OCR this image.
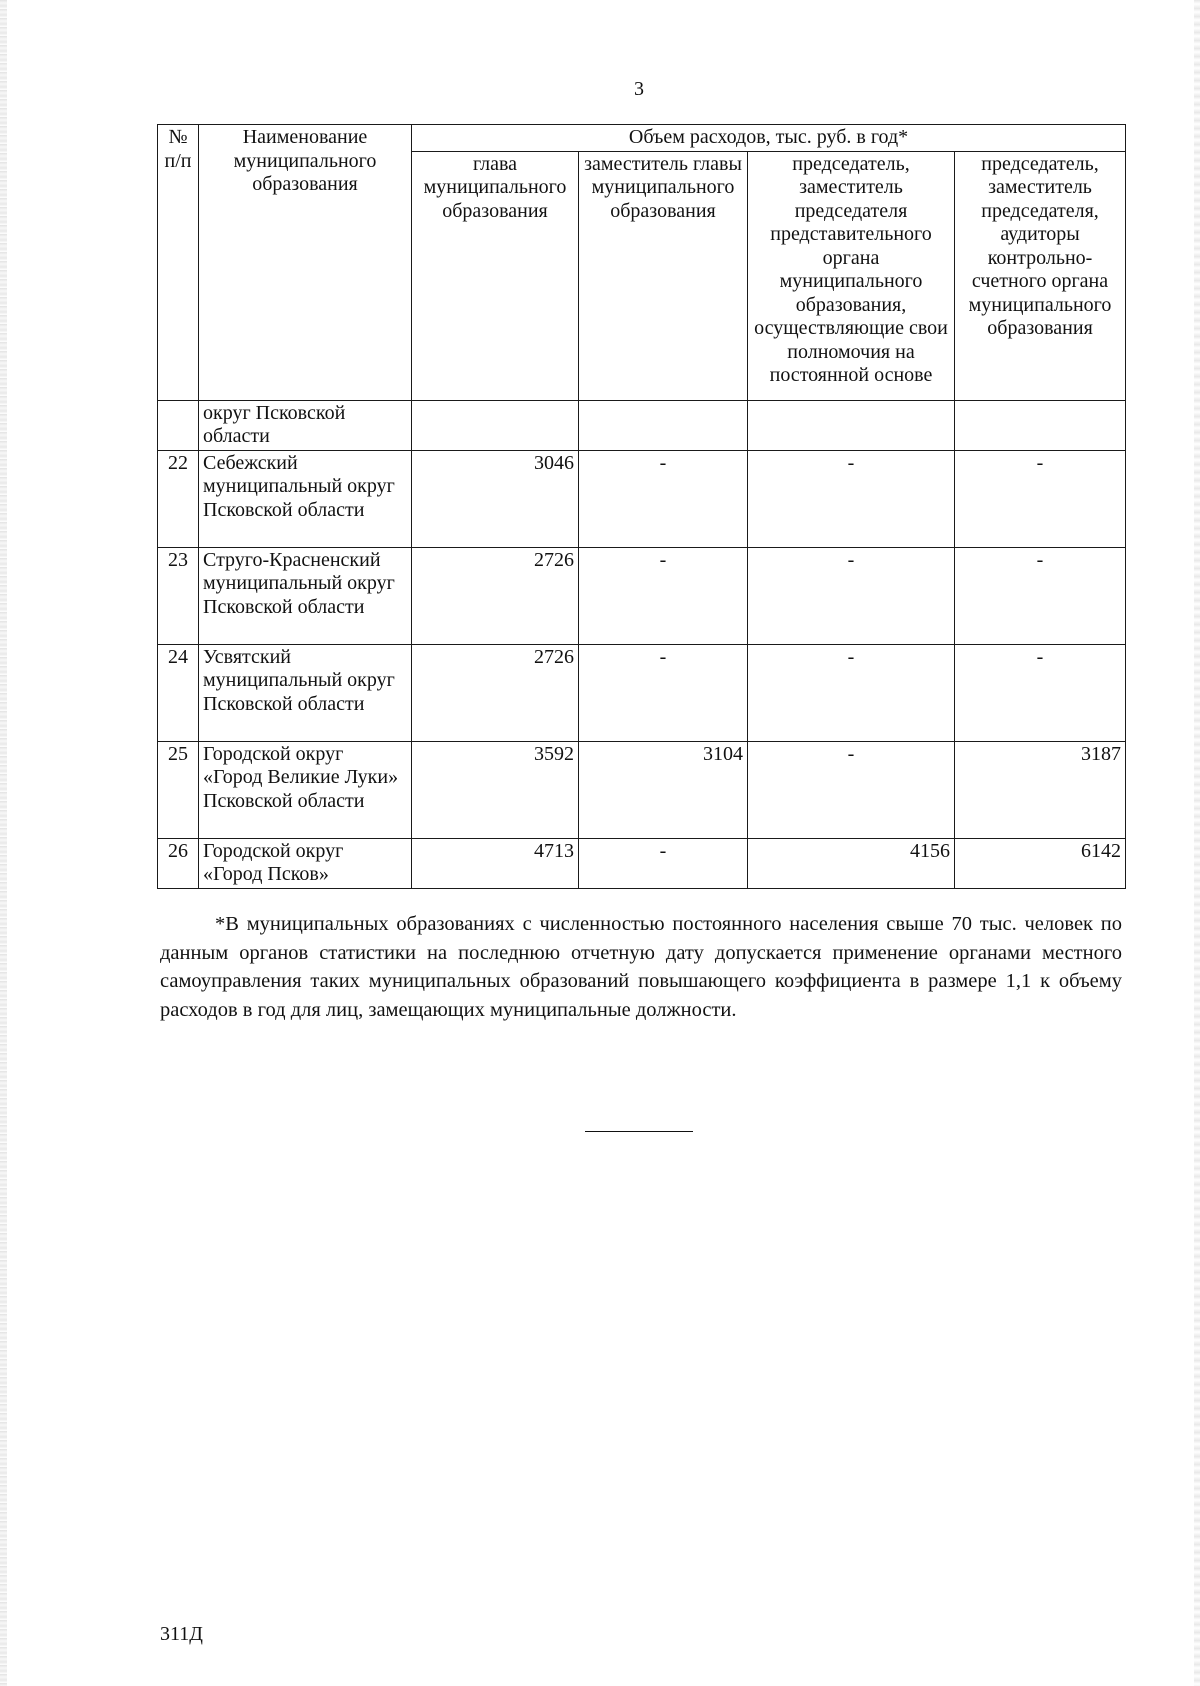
3
№ п/п	Наименование муниципального образования	Объем расходов, тыс. руб. в год*			
		глава муниципального образования	заместитель главы муниципального образования	председатель, заместитель председателя представительного органа муниципального образования, осуществляющие свои полномочия на постоянной основе	председатель, заместитель председателя, аудиторы контрольно-счетного органа муниципального образования
	округ Псковской области				
22	Себежский муниципальный округ Псковской области	3046	-	-	-
23	Струго-Красненский муниципальный округ Псковской области	2726	-	-	-
24	Усвятский муниципальный округ Псковской области	2726	-	-	-
25	Городской округ «Город Великие Луки» Псковской области	3592	3104	-	3187
26	Городской округ «Город Псков»	4713	-	4156	6142

*В муниципальных образованиях с численностью постоянного населения свыше 70 тыс. человек по данным органов статистики на последнюю отчетную дату допускается применение органами местного самоуправления таких муниципальных образований повышающего коэффициента в размере 1,1 к объему расходов в год для лиц, замещающих муниципальные должности.

311Д
